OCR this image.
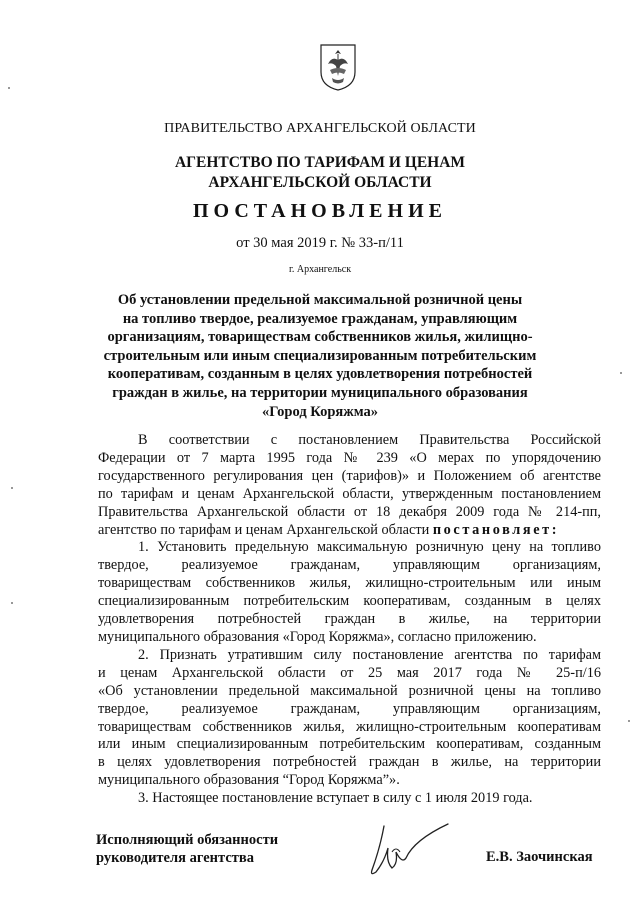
ПРАВИТЕЛЬСТВО АРХАНГЕЛЬСКОЙ ОБЛАСТИ
АГЕНТСТВО ПО ТАРИФАМ И ЦЕНАМ
АРХАНГЕЛЬСКОЙ ОБЛАСТИ
ПОСТАНОВЛЕНИЕ
от 30 мая 2019 г. № 33-п/11
г. Архангельск
Об установлении предельной максимальной розничной цены
на топливо твердое, реализуемое гражданам, управляющим
организациям, товариществам собственников жилья, жилищно-
строительным или иным специализированным потребительским
кооперативам, созданным в целях удовлетворения потребностей
граждан в жилье, на территории муниципального образования
«Город Коряжма»
В соответствии с постановлением Правительства Российской
Федерации от 7 марта 1995 года № 239 «О мерах по упорядочению
государственного регулирования цен (тарифов)» и Положением об агентстве
по тарифам и ценам Архангельской области, утвержденным постановлением
Правительства Архангельской области от 18 декабря 2009 года № 214-пп,
агентство по тарифам и ценам Архангельской области постановляет:
1. Установить предельную максимальную розничную цену на топливо
твердое, реализуемое гражданам, управляющим организациям,
товариществам собственников жилья, жилищно-строительным или иным
специализированным потребительским кооперативам, созданным в целях
удовлетворения потребностей граждан в жилье, на территории
муниципального образования «Город Коряжма», согласно приложению.
2. Признать утратившим силу постановление агентства по тарифам
и ценам Архангельской области от 25 мая 2017 года № 25-п/16
«Об установлении предельной максимальной розничной цены на топливо
твердое, реализуемое гражданам, управляющим организациям,
товариществам собственников жилья, жилищно-строительным кооперативам
или иным специализированным потребительским кооперативам, созданным
в целях удовлетворения потребностей граждан в жилье, на территории
муниципального образования “Город Коряжма”».
3. Настоящее постановление вступает в силу с 1 июля 2019 года.
Исполняющий обязанности
руководителя агентства	Е.В. Заочинская
